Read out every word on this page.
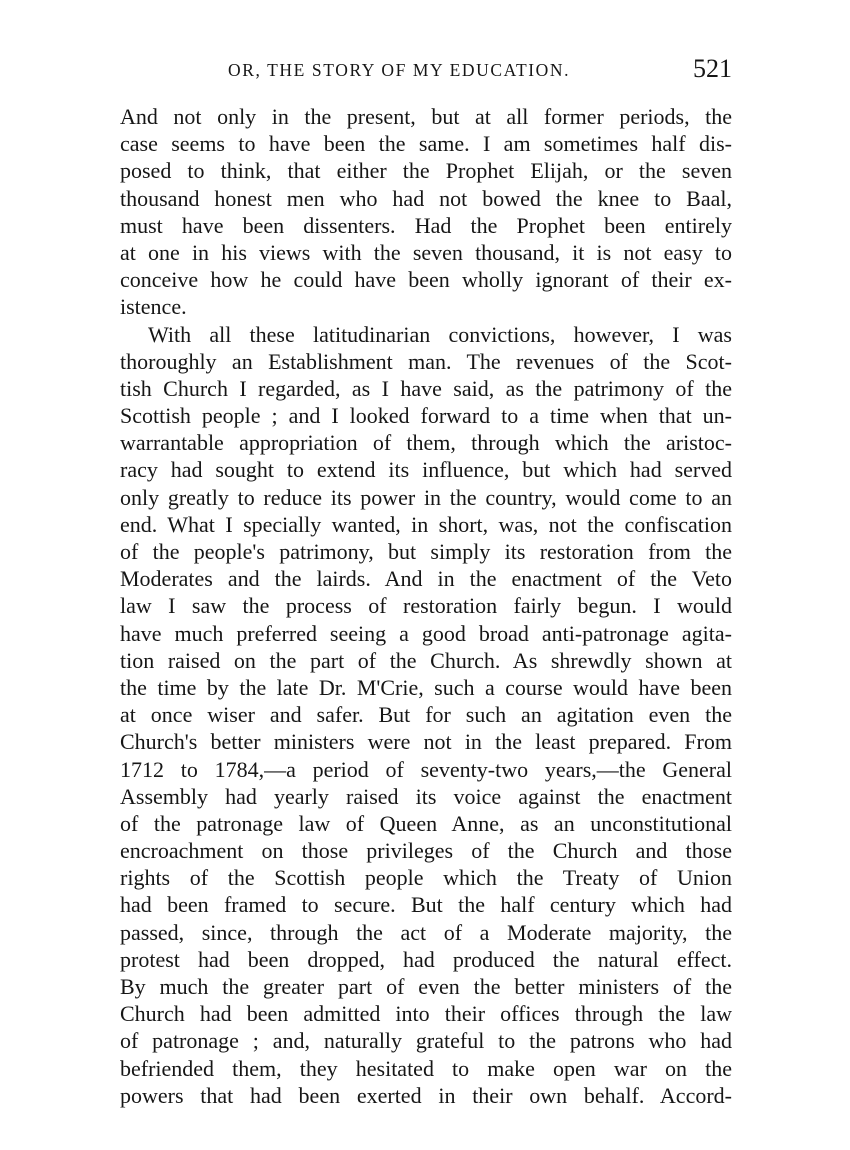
OR, THE STORY OF MY EDUCATION.	521
And not only in the present, but at all former periods, the
case seems to have been the same. I am sometimes half dis-
posed to think, that either the Prophet Elijah, or the seven
thousand honest men who had not bowed the knee to Baal,
must have been dissenters. Had the Prophet been entirely
at one in his views with the seven thousand, it is not easy to
conceive how he could have been wholly ignorant of their ex-
istence.
With all these latitudinarian convictions, however, I was
thoroughly an Establishment man. The revenues of the Scot-
tish Church I regarded, as I have said, as the patrimony of the
Scottish people ; and I looked forward to a time when that un-
warrantable appropriation of them, through which the aristoc-
racy had sought to extend its influence, but which had served
only greatly to reduce its power in the country, would come to an
end. What I specially wanted, in short, was, not the confiscation
of the people's patrimony, but simply its restoration from the
Moderates and the lairds. And in the enactment of the Veto
law I saw the process of restoration fairly begun. I would
have much preferred seeing a good broad anti-patronage agita-
tion raised on the part of the Church. As shrewdly shown at
the time by the late Dr. M'Crie, such a course would have been
at once wiser and safer. But for such an agitation even the
Church's better ministers were not in the least prepared. From
1712 to 1784,—a period of seventy-two years,—the General
Assembly had yearly raised its voice against the enactment
of the patronage law of Queen Anne, as an unconstitutional
encroachment on those privileges of the Church and those
rights of the Scottish people which the Treaty of Union
had been framed to secure. But the half century which had
passed, since, through the act of a Moderate majority, the
protest had been dropped, had produced the natural effect.
By much the greater part of even the better ministers of the
Church had been admitted into their offices through the law
of patronage ; and, naturally grateful to the patrons who had
befriended them, they hesitated to make open war on the
powers that had been exerted in their own behalf. Accord-
